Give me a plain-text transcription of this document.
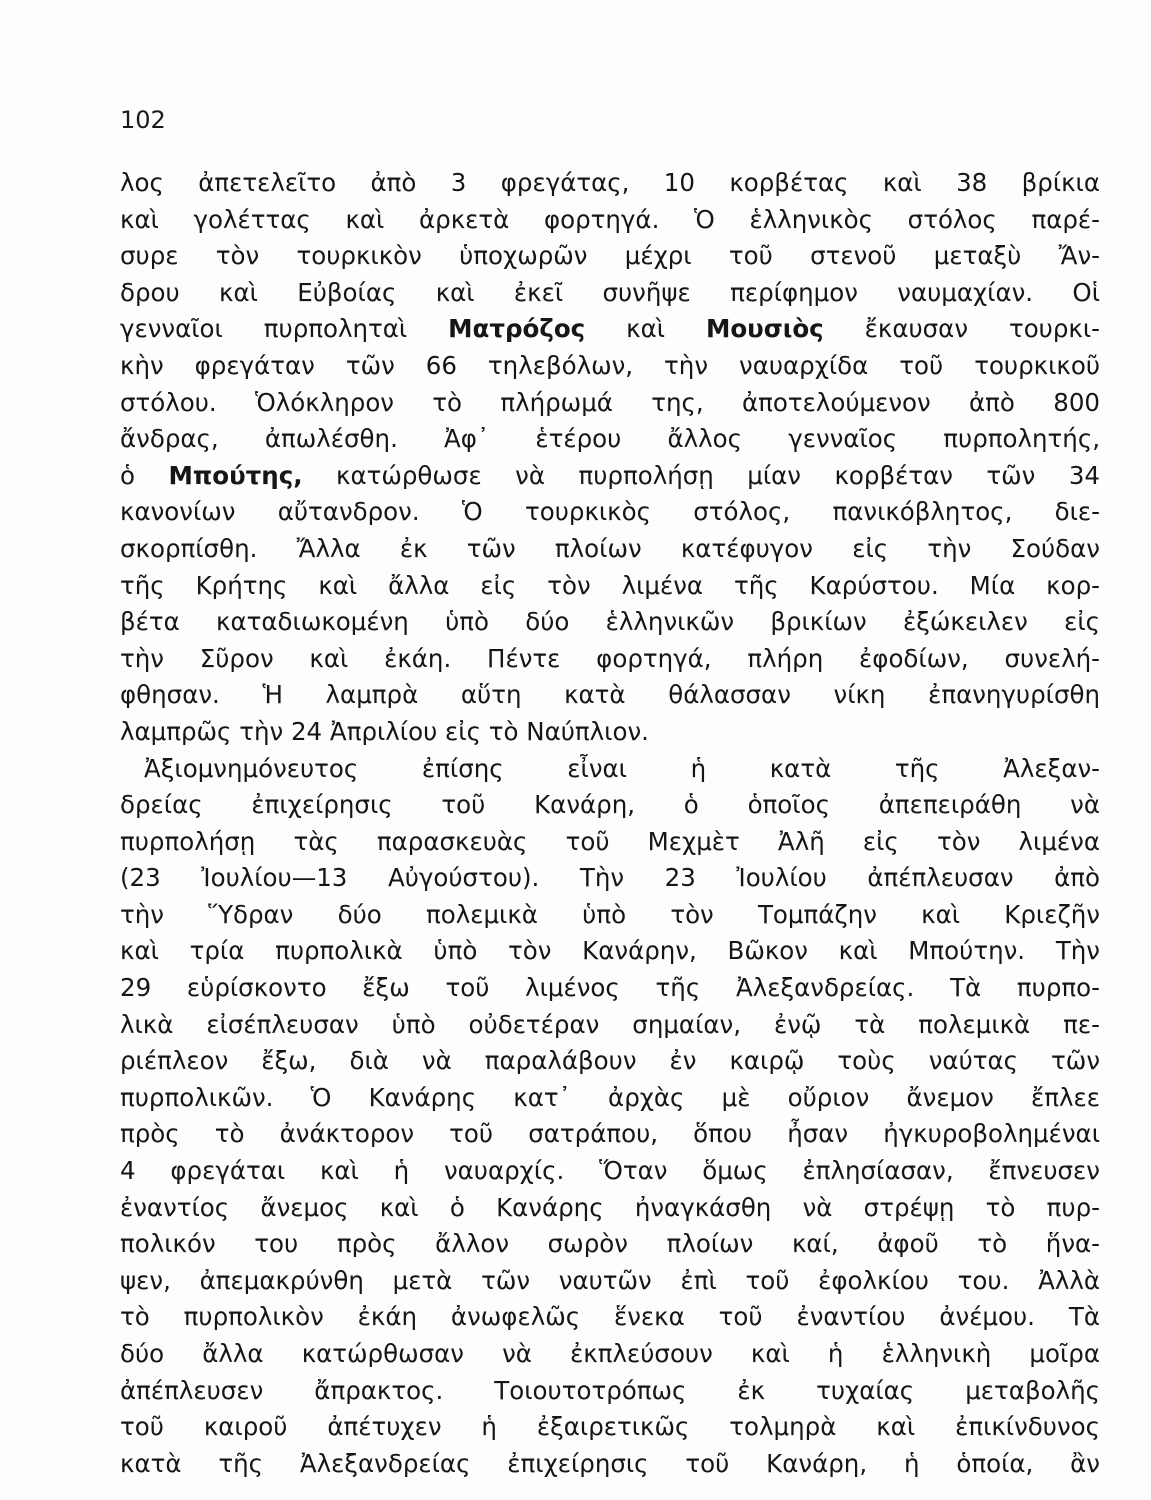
102
λος ἀπετελεῖτο ἀπὸ 3 φρεγάτας, 10 κορβέτας καὶ 38 βρίκια
καὶ γολέττας καὶ ἀρκετὰ φορτηγά. Ὁ ἑλληνικὸς στόλος παρέ-
συρε τὸν τουρκικὸν ὑποχωρῶν μέχρι τοῦ στενοῦ μεταξὺ Ἄν-
δρου καὶ Εὐβοίας καὶ ἐκεῖ συνῆψε περίφημον ναυμαχίαν. Οἱ
γενναῖοι πυρποληταὶ Ματρόζος καὶ Μουσιὸς ἔκαυσαν τουρκι-
κὴν φρεγάταν τῶν 66 τηλεβόλων, τὴν ναυαρχίδα τοῦ τουρκικοῦ
στόλου. Ὁλόκληρον τὸ πλήρωμά της, ἀποτελούμενον ἀπὸ 800
ἄνδρας, ἀπωλέσθη. Ἀφ᾽ ἑτέρου ἄλλος γενναῖος πυρπολητής,
ὁ Μπούτης, κατώρθωσε νὰ πυρπολήσῃ μίαν κορβέταν τῶν 34
κανονίων αὔτανδρον. Ὁ τουρκικὸς στόλος, πανικόβλητος, διε-
σκορπίσθη. Ἄλλα ἐκ τῶν πλοίων κατέφυγον εἰς τὴν Σούδαν
τῆς Κρήτης καὶ ἄλλα εἰς τὸν λιμένα τῆς Καρύστου. Μία κορ-
βέτα καταδιωκομένη ὑπὸ δύο ἑλληνικῶν βρικίων ἐξώκειλεν εἰς
τὴν Σῦρον καὶ ἐκάη. Πέντε φορτηγά, πλήρη ἐφοδίων, συνελή-
φθησαν. Ἡ λαμπρὰ αὕτη κατὰ θάλασσαν νίκη ἐπανηγυρίσθη
λαμπρῶς τὴν 24 Ἀπριλίου εἰς τὸ Ναύπλιον.
Ἀξιομνημόνευτος ἐπίσης εἶναι ἡ κατὰ τῆς Ἀλεξαν-
δρείας ἐπιχείρησις τοῦ Κανάρη, ὁ ὁποῖος ἀπεπειράθη νὰ
πυρπολήσῃ τὰς παρασκευὰς τοῦ Μεχμὲτ Ἀλῆ εἰς τὸν λιμένα
(23 Ἰουλίου—13 Αὐγούστου). Τὴν 23 Ἰουλίου ἀπέπλευσαν ἀπὸ
τὴν Ὕδραν δύο πολεμικὰ ὑπὸ τὸν Τομπάζην καὶ Κριεζῆν
καὶ τρία πυρπολικὰ ὑπὸ τὸν Κανάρην, Βῶκον καὶ Μπούτην. Τὴν
29 εὑρίσκοντο ἔξω τοῦ λιμένος τῆς Ἀλεξανδρείας. Τὰ πυρπο-
λικὰ εἰσέπλευσαν ὑπὸ οὐδετέραν σημαίαν, ἐνῷ τὰ πολεμικὰ πε-
ριέπλεον ἔξω, διὰ νὰ παραλάβουν ἐν καιρῷ τοὺς ναύτας τῶν
πυρπολικῶν. Ὁ Κανάρης κατ᾽ ἀρχὰς μὲ οὔριον ἄνεμον ἔπλεε
πρὸς τὸ ἀνάκτορον τοῦ σατράπου, ὅπου ἦσαν ἠγκυροβολημέναι
4 φρεγάται καὶ ἡ ναυαρχίς. Ὅταν ὅμως ἐπλησίασαν, ἔπνευσεν
ἐναντίος ἄνεμος καὶ ὁ Κανάρης ἠναγκάσθη νὰ στρέψῃ τὸ πυρ-
πολικόν του πρὸς ἄλλον σωρὸν πλοίων καί, ἀφοῦ τὸ ἥνα-
ψεν, ἀπεμακρύνθη μετὰ τῶν ναυτῶν ἐπὶ τοῦ ἐφολκίου του. Ἀλλὰ
τὸ πυρπολικὸν ἐκάη ἀνωφελῶς ἕνεκα τοῦ ἐναντίου ἀνέμου. Τὰ
δύο ἄλλα κατώρθωσαν νὰ ἐκπλεύσουν καὶ ἡ ἑλληνικὴ μοῖρα
ἀπέπλευσεν ἄπρακτος. Τοιουτοτρόπως ἐκ τυχαίας μεταβολῆς
τοῦ καιροῦ ἀπέτυχεν ἡ ἐξαιρετικῶς τολμηρὰ καὶ ἐπικίνδυνος
κατὰ τῆς Ἀλεξανδρείας ἐπιχείρησις τοῦ Κανάρη, ἡ ὁποία, ἂν
